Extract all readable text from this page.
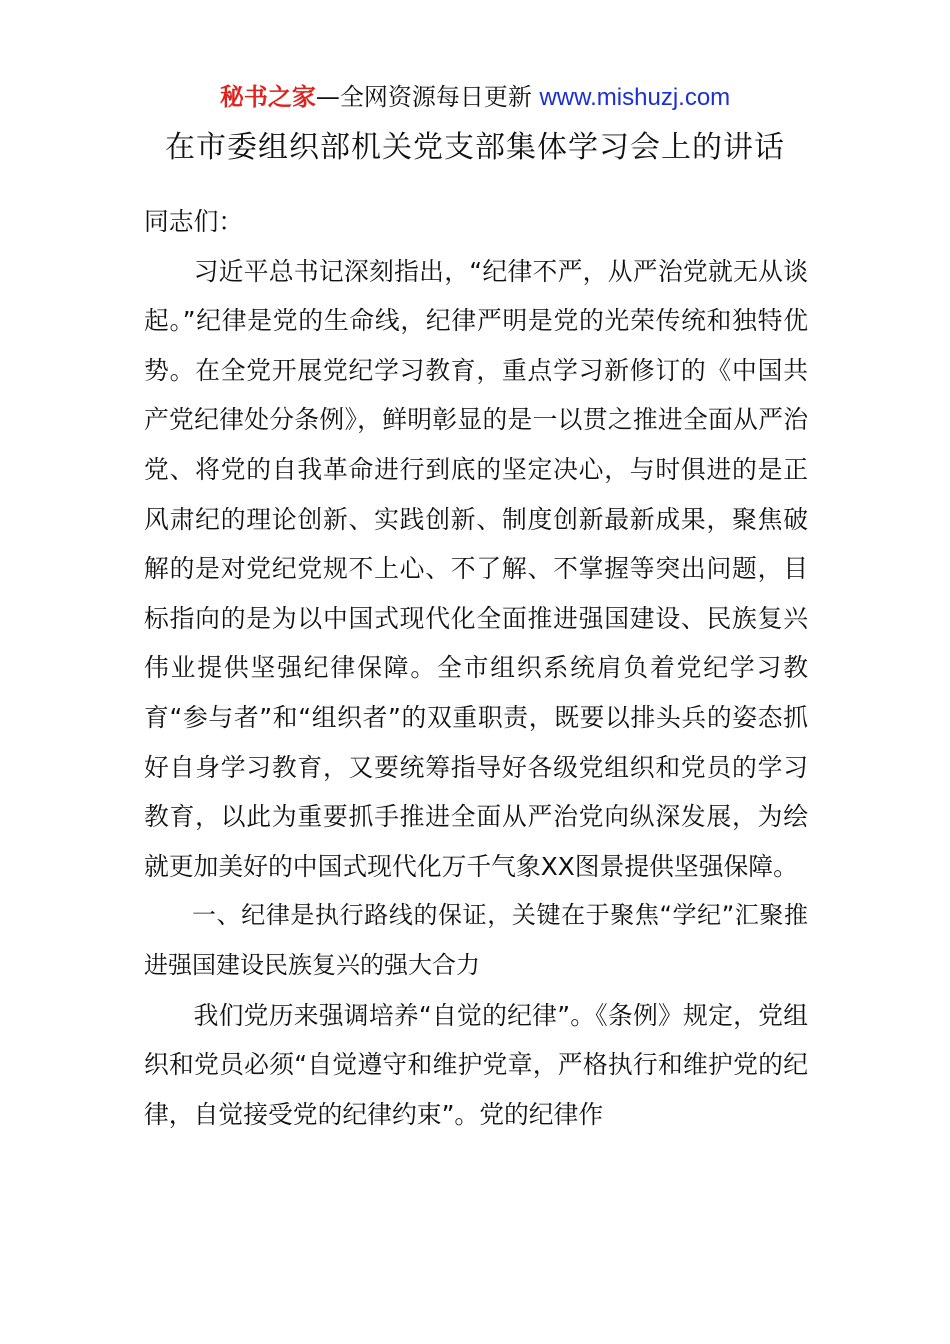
秘书之家—全网资源每日更新 www.mishuzj.com
在市委组织部机关党支部集体学习会上的讲话

同志们：

习近平总书记深刻指出，“纪律不严，从严治党就无从谈起。”纪律是党的生命线，纪律严明是党的光荣传统和独特优势。在全党开展党纪学习教育，重点学习新修订的《中国共产党纪律处分条例》，鲜明彰显的是一以贯之推进全面从严治党、将党的自我革命进行到底的坚定决心，与时俱进的是正风肃纪的理论创新、实践创新、制度创新最新成果，聚焦破解的是对党纪党规不上心、不了解、不掌握等突出问题，目标指向的是为以中国式现代化全面推进强国建设、民族复兴伟业提供坚强纪律保障。全市组织系统肩负着党纪学习教育“参与者”和“组织者”的双重职责，既要以排头兵的姿态抓好自身学习教育，又要统筹指导好各级党组织和党员的学习教育，以此为重要抓手推进全面从严治党向纵深发展，为绘就更加美好的中国式现代化万千气象XX图景提供坚强保障。

一、纪律是执行路线的保证，关键在于聚焦“学纪”汇聚推进强国建设民族复兴的强大合力

我们党历来强调培养“自觉的纪律”。《条例》规定，党组织和党员必须“自觉遵守和维护党章，严格执行和维护党的纪律，自觉接受党的纪律约束”。党的纪律作
